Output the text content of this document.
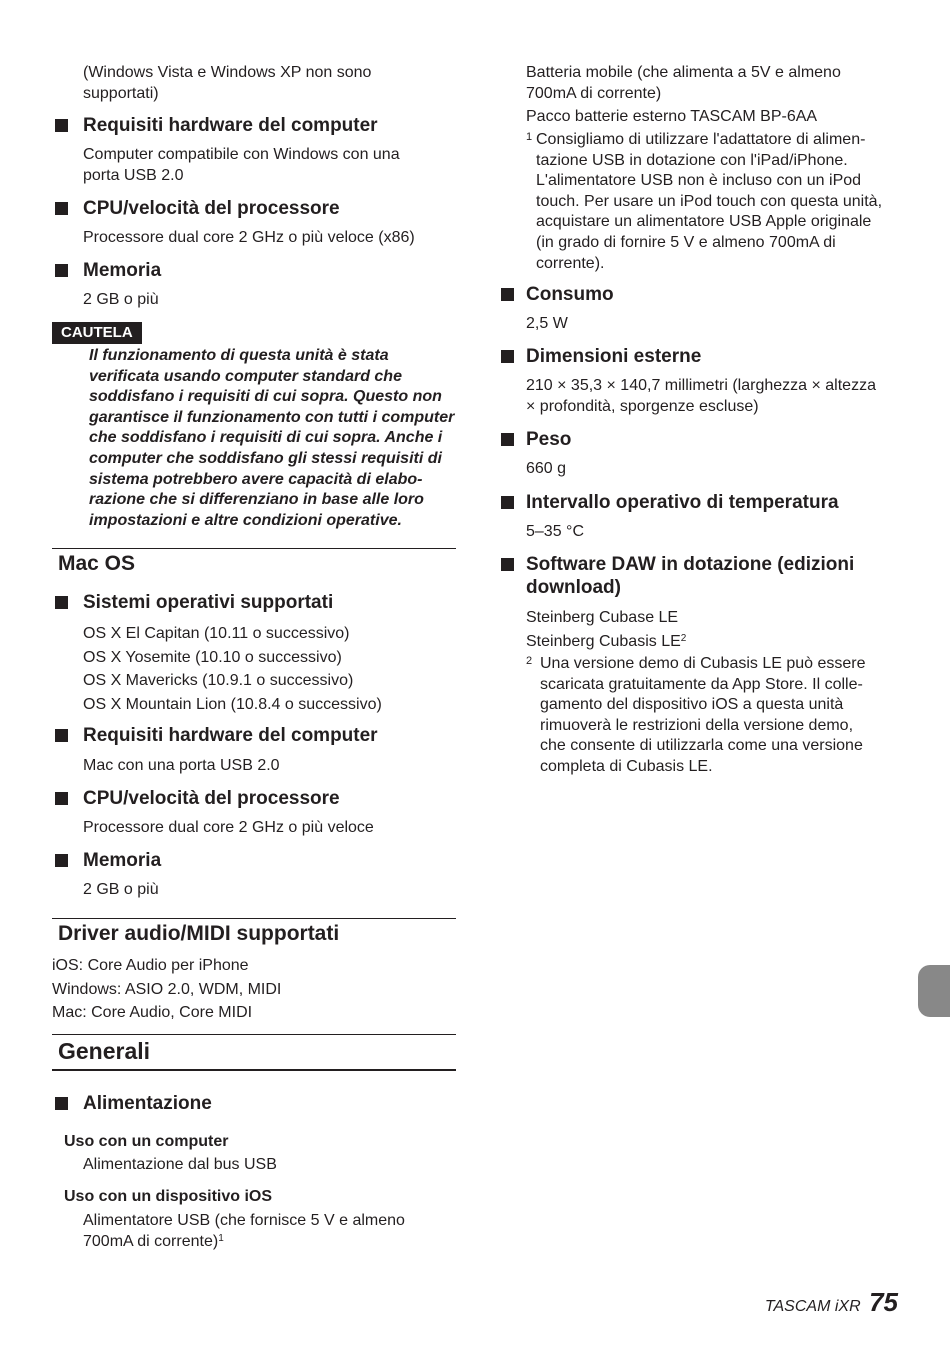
(Windows Vista e Windows XP non sono
supportati)
Requisiti hardware del computer
Computer compatibile con Windows con una
porta USB 2.0
CPU/velocità del processore
Processore dual core 2 GHz o più veloce (x86)
Memoria
2 GB o più
CAUTELA
Il funzionamento di questa unità è stata
verificata usando computer standard che
soddisfano i requisiti di cui sopra. Questo non
garantisce il funzionamento con tutti i computer
che soddisfano i requisiti di cui sopra. Anche i
computer che soddisfano gli stessi requisiti di
sistema potrebbero avere capacità di elabo-
razione che si differenziano in base alle loro
impostazioni e altre condizioni operative.
Mac OS
Sistemi operativi supportati
OS X El Capitan (10.11 o successivo)
OS X Yosemite (10.10 o successivo)
OS X Mavericks (10.9.1 o successivo)
OS X Mountain Lion (10.8.4 o successivo)
Requisiti hardware del computer
Mac con una porta USB 2.0
CPU/velocità del processore
Processore dual core 2 GHz o più veloce
Memoria
2 GB o più
Driver audio/MIDI supportati
iOS: Core Audio per iPhone
Windows: ASIO 2.0, WDM, MIDI
Mac: Core Audio, Core MIDI
Generali
Alimentazione
Uso con un computer
Alimentazione dal bus USB
Uso con un dispositivo iOS
Alimentatore USB (che fornisce 5 V e almeno
700mA di corrente)$^1$
Batteria mobile (che alimenta a 5V e almeno
700mA di corrente)
Pacco batterie esterno TASCAM BP-6AA
1 Consigliamo di utilizzare l'adattatore di alimen-
tazione USB in dotazione con l'iPad/iPhone.
L'alimentatore USB non è incluso con un iPod
touch. Per usare un iPod touch con questa unità,
acquistare un alimentatore USB Apple originale
(in grado di fornire 5 V e almeno 700mA di
corrente).
Consumo
2,5 W
Dimensioni esterne
210 × 35,3 × 140,7 millimetri (larghezza × altezza
× profondità, sporgenze escluse)
Peso
660 g
Intervallo operativo di temperatura
5–35 °C
Software DAW in dotazione (edizioni
download)
Steinberg Cubase LE
Steinberg Cubasis $LE^2$
2 Una versione demo di Cubasis LE può essere
scaricata gratuitamente da App Store. Il colle-
gamento del dispositivo iOS a questa unità
rimuoverà le restrizioni della versione demo,
che consente di utilizzarla come una versione
completa di Cubasis LE.
TASCAM iXR 75
